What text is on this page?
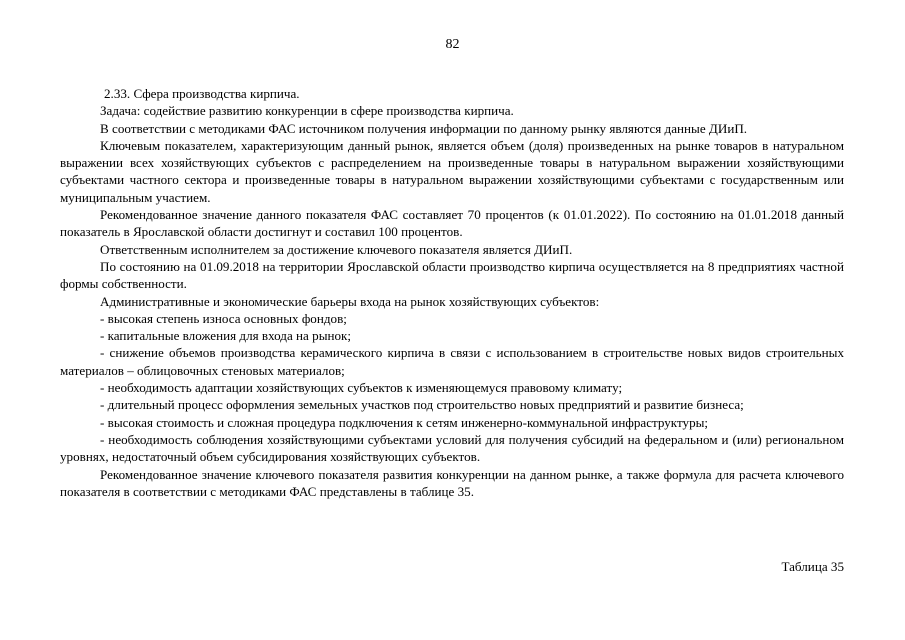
82

2.33. Сфера производства кирпича.

Задача: содействие развитию конкуренции в сфере производства кирпича.

В соответствии с методиками ФАС источником получения информации по данному рынку являются данные ДИиП.

Ключевым показателем, характеризующим данный рынок, является объем (доля) произведенных на рынке товаров в натуральном выражении всех хозяйствующих субъектов с распределением на произведенные товары в натуральном выражении хозяйствующими субъектами частного сектора и произведенные товары в натуральном выражении хозяйствующими субъектами с государственным или муниципальным участием.

Рекомендованное значение данного показателя ФАС составляет 70 процентов (к 01.01.2022). По состоянию на 01.01.2018 данный показатель в Ярославской области достигнут и составил 100 процентов.

Ответственным исполнителем за достижение ключевого показателя является ДИиП.

По состоянию на 01.09.2018 на территории Ярославской области производство кирпича осуществляется на 8 предприятиях частной формы собственности.

Административные и экономические барьеры входа на рынок хозяйствующих субъектов:

- высокая степень износа основных фондов;

- капитальные вложения для входа на рынок;

- снижение объемов производства керамического кирпича в связи с использованием в строительстве новых видов строительных материалов – облицовочных стеновых материалов;

- необходимость адаптации хозяйствующих субъектов к изменяющемуся правовому климату;

- длительный процесс оформления земельных участков под строительство новых предприятий и развитие бизнеса;

- высокая стоимость и сложная процедура подключения к сетям инженерно-коммунальной инфраструктуры;

- необходимость соблюдения хозяйствующими субъектами условий для получения субсидий на федеральном и (или) региональном уровнях, недостаточный объем субсидирования хозяйствующих субъектов.

Рекомендованное значение ключевого показателя развития конкуренции на данном рынке, а также формула для расчета ключевого показателя в соответствии с методиками ФАС представлены в таблице 35.

Таблица 35
